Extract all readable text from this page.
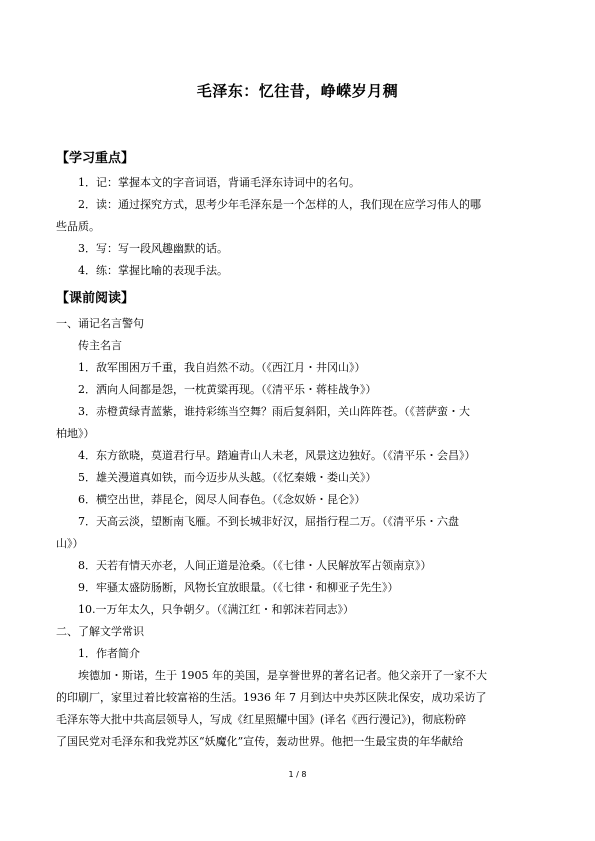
毛泽东：忆往昔，峥嵘岁月稠
【学习重点】
1．记：掌握本文的字音词语，背诵毛泽东诗词中的名句。
2．读：通过探究方式，思考少年毛泽东是一个怎样的人，我们现在应学习伟人的哪
些品质。
3．写：写一段风趣幽默的话。
4．练：掌握比喻的表现手法。
【课前阅读】
一、诵记名言警句
传主名言
1．敌军围困万千重，我自岿然不动。（《西江月・井冈山》）
2．洒向人间都是怨，一枕黄粱再现。（《清平乐・蒋桂战争》）
3．赤橙黄绿青蓝紫，谁持彩练当空舞？雨后复斜阳，关山阵阵苍。（《菩萨蛮・大
柏地》）
4．东方欲晓，莫道君行早。踏遍青山人未老，风景这边独好。（《清平乐・会昌》）
5．雄关漫道真如铁，而今迈步从头越。（《忆秦娥・娄山关》）
6．横空出世，莽昆仑，阅尽人间春色。（《念奴娇・昆仑》）
7．天高云淡，望断南飞雁。不到长城非好汉，屈指行程二万。（《清平乐・六盘
山》）
8．天若有情天亦老，人间正道是沧桑。（《七律・人民解放军占领南京》）
9．牢骚太盛防肠断，风物长宜放眼量。（《七律・和柳亚子先生》）
10.一万年太久，只争朝夕。（《满江红・和郭沫若同志》）
二、了解文学常识
1．作者简介
埃德加・斯诺，生于 1905 年的美国，是享誉世界的著名记者。他父亲开了一家不大
的印刷厂，家里过着比较富裕的生活。1936 年 7 月到达中央苏区陕北保安，成功采访了
毛泽东等大批中共高层领导人，写成《红星照耀中国》(译名《西行漫记》)，彻底粉碎
了国民党对毛泽东和我党苏区“妖魔化”宣传，轰动世界。他把一生最宝贵的年华献给
1 / 8
